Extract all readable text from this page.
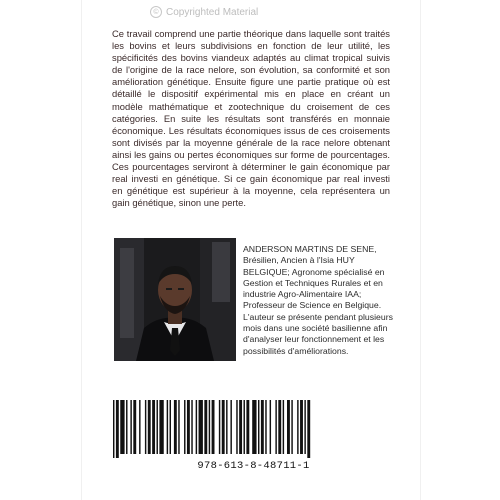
© Copyrighted Material

Ce travail comprend une partie théorique dans laquelle sont traités les bovins et leurs subdivisions en fonction de leur utilité, les spécificités des bovins viandeux adaptés au climat tropical suivis de l'origine de la race nelore, son évolution, sa conformité et son amélioration génétique. Ensuite figure une partie pratique où est détaillé le dispositif expérimental mis en place en créant un modèle mathématique et zootechnique du croisement de ces catégories. En suite les résultats sont transférés en monnaie économique. Les résultats économiques issus de ces croisements sont divisés par la moyenne générale de la race nelore obtenant ainsi les gains ou pertes économiques sur forme de pourcentages. Ces pourcentages serviront à déterminer le gain économique par real investi en génétique. Si ce gain économique par real investi en génétique est supérieur à la moyenne, cela représentera un gain génétique, sinon une perte.

ANDERSON MARTINS DE SENE, Brésilien, Ancien à l'Isia HUY BELGIQUE; Agronome spécialisé en Gestion et Techniques Rurales et en industrie Agro-Alimentaire IAA; Professeur de Science en Belgique. L'auteur se présente pendant plusieurs mois dans une société basilienne afin d'analyser leur fonctionnement et les possibilités d'améliorations.

978-613-8-48711-1
